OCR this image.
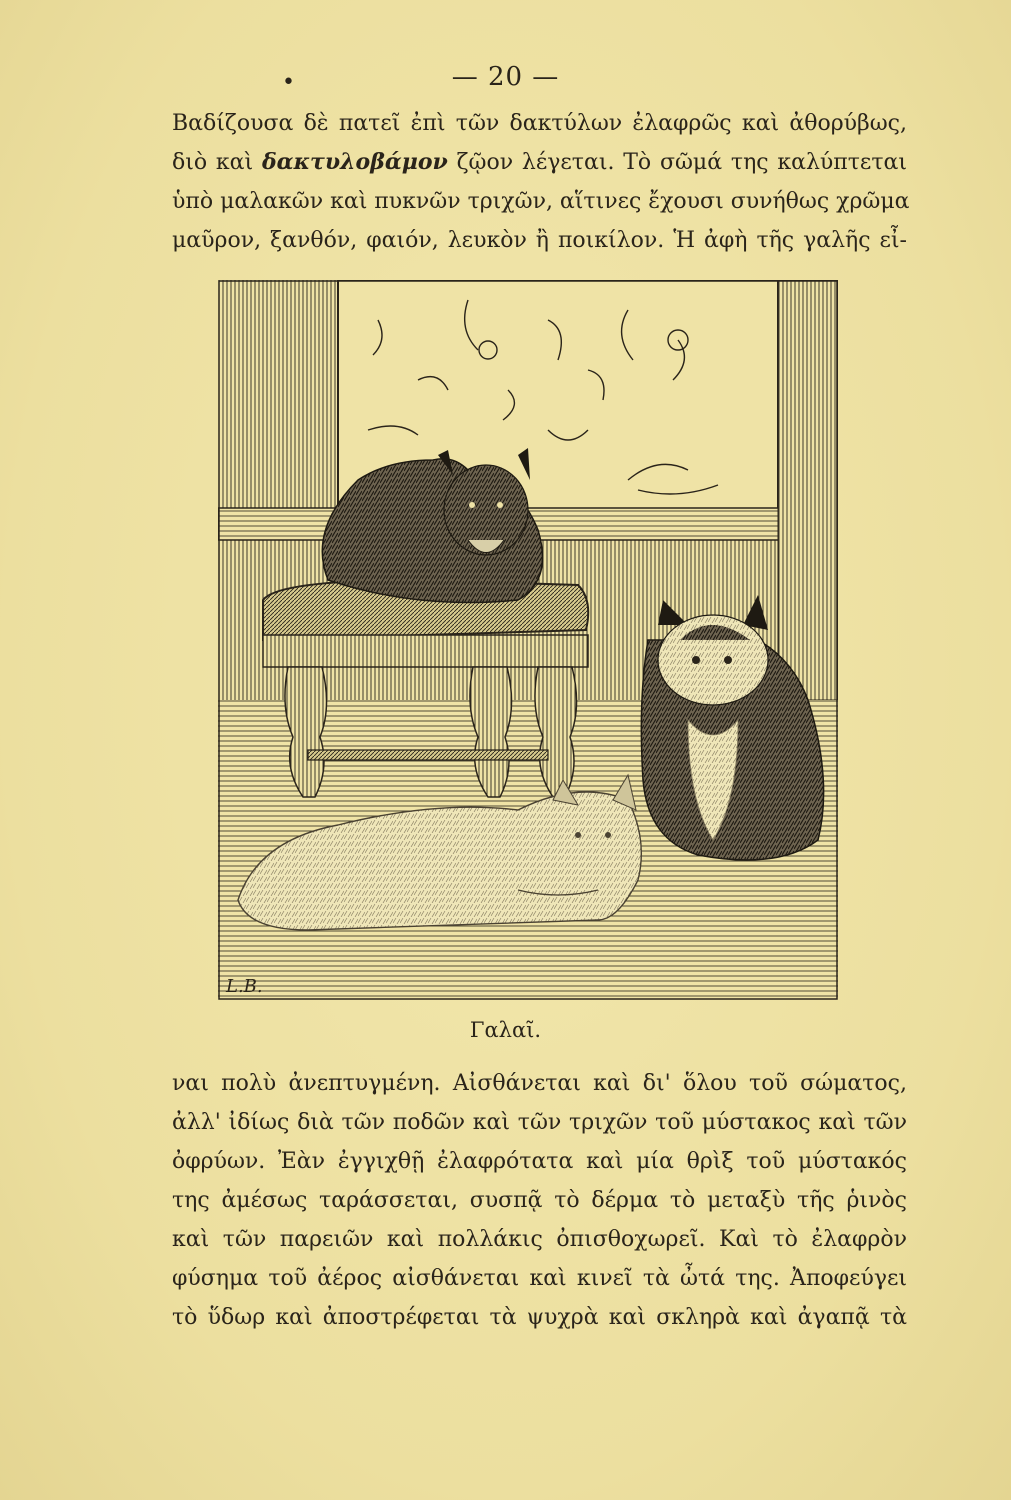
•	— 20 —
Βαδίζουσα δὲ πατεῖ ἐπὶ τῶν δακτύλων ἐλαφρῶς καὶ ἀθορύβως,
διὸ καὶ δακτυλοβάμον ζῷον λέγεται. Τὸ σῶμά της καλύπτεται
ὑπὸ μαλακῶν καὶ πυκνῶν τριχῶν, αἵτινες ἔχουσι συνήθως χρῶμα
μαῦρον, ξανθόν, φαιόν, λευκὸν ἢ ποικίλον. Ἡ ἀφὴ τῆς γαλῆς εἶ-
L.B.
Γαλαῖ.
ναι πολὺ ἀνεπτυγμένη. Αἰσθάνεται καὶ δι' ὅλου τοῦ σώματος,
ἀλλ' ἰδίως διὰ τῶν ποδῶν καὶ τῶν τριχῶν τοῦ μύστακος καὶ τῶν
ὀφρύων. Ἐὰν ἐγγιχθῇ ἐλαφρότατα καὶ μία θρὶξ τοῦ μύστακός
της ἀμέσως ταράσσεται, συσπᾷ τὸ δέρμα τὸ μεταξὺ τῆς ῥινὸς
καὶ τῶν παρειῶν καὶ πολλάκις ὀπισθοχωρεῖ. Καὶ τὸ ἐλαφρὸν
φύσημα τοῦ ἀέρος αἰσθάνεται καὶ κινεῖ τὰ ὦτά της. Ἀποφεύγει
τὸ ὕδωρ καὶ ἀποστρέφεται τὰ ψυχρὰ καὶ σκληρὰ καὶ ἀγαπᾷ τὰ
